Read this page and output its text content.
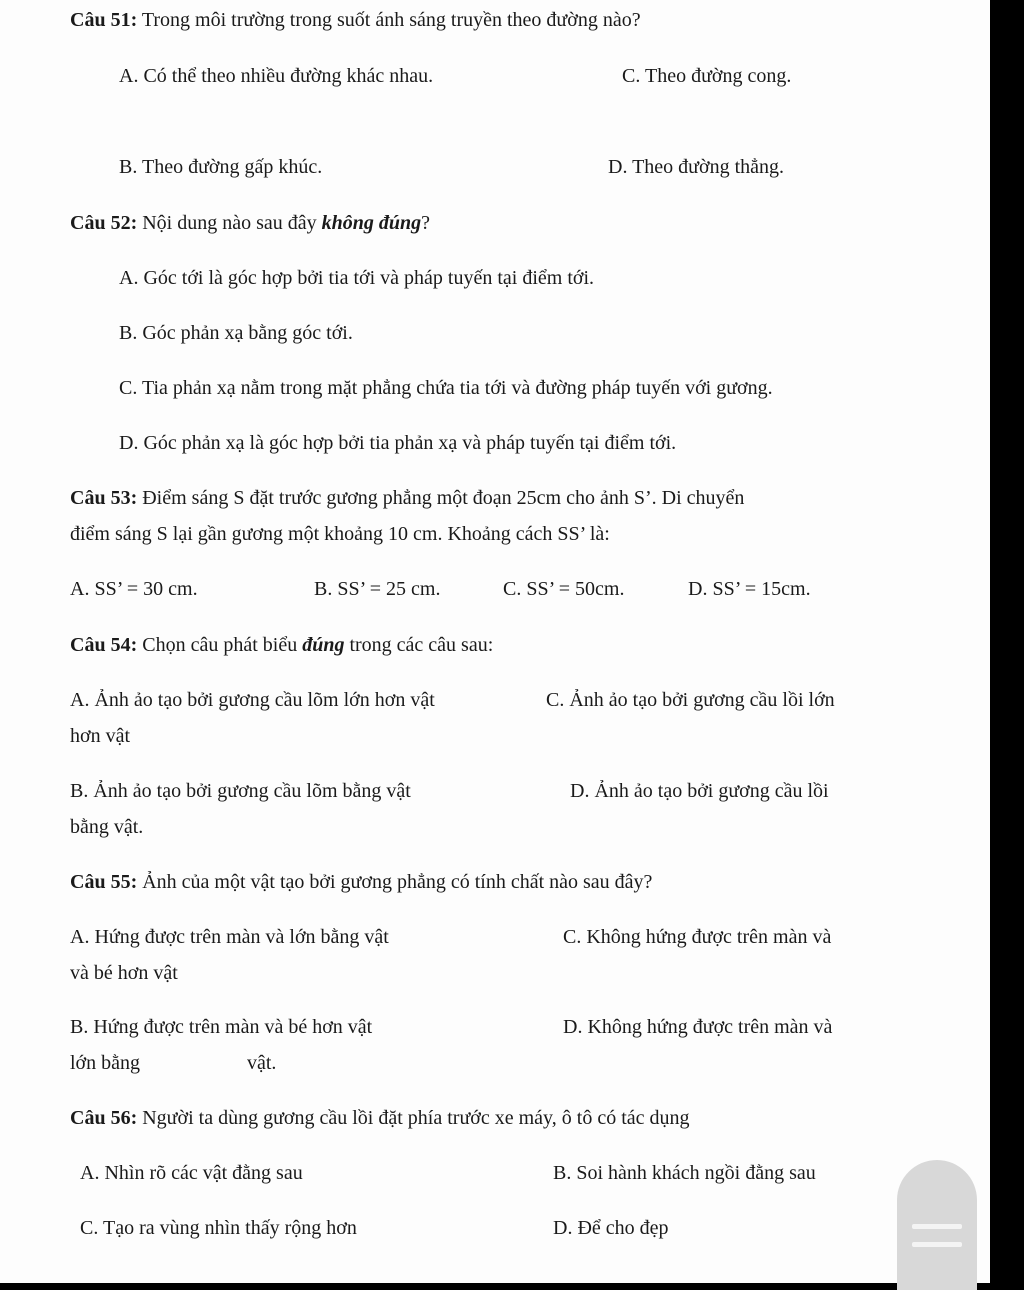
Câu 51: Trong môi trường trong suốt ánh sáng truyền theo đường nào?
A. Có thể theo nhiều đường khác nhau.	C. Theo đường cong.
B. Theo đường gấp khúc.	D. Theo đường thẳng.
Câu 52: Nội dung nào sau đây không đúng?
A. Góc tới là góc hợp bởi tia tới và pháp tuyến tại điểm tới.
B. Góc phản xạ bằng góc tới.
C. Tia phản xạ nằm trong mặt phẳng chứa tia tới và đường pháp tuyến với gương.
D. Góc phản xạ là góc hợp bởi tia phản xạ và pháp tuyến tại điểm tới.
Câu 53: Điểm sáng S đặt trước gương phẳng một đoạn 25cm cho ảnh S’. Di chuyển
điểm sáng S lại gần gương một khoảng 10 cm. Khoảng cách SS’ là:
A. SS’ = 30 cm.	B. SS’ = 25 cm.	C. SS’ = 50cm.	D. SS’ = 15cm.
Câu 54: Chọn câu phát biểu đúng trong các câu sau:
A. Ảnh ảo tạo bởi gương cầu lõm lớn hơn vật	C. Ảnh ảo tạo bởi gương cầu lồi lớn
hơn vật
B. Ảnh ảo tạo bởi gương cầu lõm bằng vật	D. Ảnh ảo tạo bởi gương cầu lồi
bằng vật.
Câu 55: Ảnh của một vật tạo bởi gương phẳng có tính chất nào sau đây?
A. Hứng được trên màn và lớn bằng vật	C. Không hứng được trên màn và
và bé hơn vật
B. Hứng được trên màn và bé hơn vật	D. Không hứng được trên màn và
lớn bằng	vật.
Câu 56: Người ta dùng gương cầu lồi đặt phía trước xe máy, ô tô có tác dụng
A. Nhìn rõ các vật đằng sau	B. Soi hành khách ngồi đằng sau
C. Tạo ra vùng nhìn thấy rộng hơn	D. Để cho đẹp
